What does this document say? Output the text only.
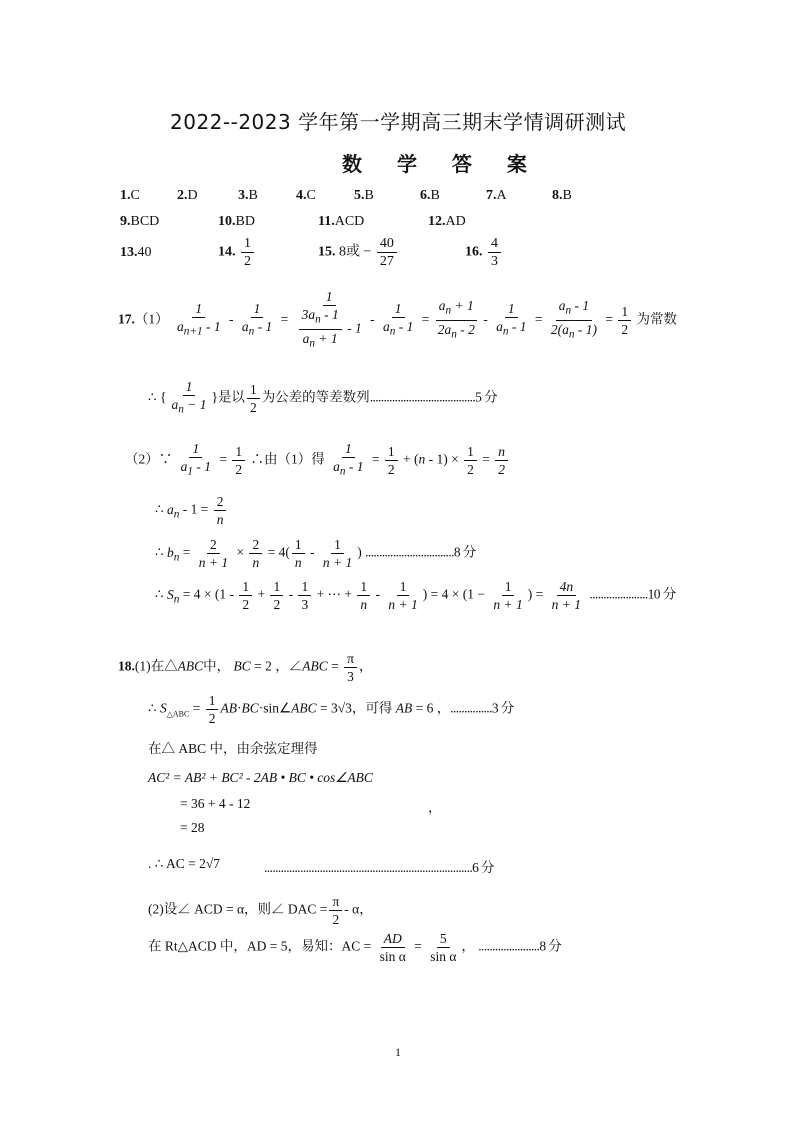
2022--2023 学年第一学期高三期末学情调研测试
数 学 答 案
1.C	2.D	3.B	4.C	5.B	6.B	7.A	8.B
9.BCD	10.BD	11.ACD	12.AD
13.40	14. $\frac{1}{2}$	15. 8或 − $\frac{40}{27}$	16. $\frac{4}{3}$
$17.(1) \frac{1}{a_{n+1} - 1} - \frac{1}{a_n - 1} = \frac{1}{\frac{3a_n - 1}{a_n + 1} - 1} - \frac{1}{a_n - 1} = \frac{a_n + 1}{2a_n - 2} - \frac{1}{a_n - 1} = \frac{a_n - 1}{2(a_n - 1)} = \frac{1}{2}$ 为常数
∴ { $\frac{1}{a_n - 1}$ }是以 $\frac{1}{2}$ 为公差的等差数列......................................5 分
（2）∵ $\frac{1}{a_1 - 1} = \frac{1}{2}$ ∴由（1）得 $\frac{1}{a_n - 1} = \frac{1}{2} + (n - 1) \times \frac{1}{2} = \frac{n}{2}$
∴ $a_n - 1 = \frac{2}{n}$
∴ $b_n = \frac{2}{n + 1} \times \frac{2}{n} = 4( \frac{1}{n} - \frac{1}{n + 1}$ ) ................................8 分
∴ $S_n = 4 \times (1 - \frac{1}{2} + \frac{1}{2} - \frac{1}{3}$ + ⋯ + $\frac{1}{n} - \frac{1}{n + 1}$ ) = $4 \times (1 - \frac{1}{n + 1}$ ) = $\frac{4n}{n + 1} .....................10$ 分
18.(1)在△ABC中， BC = 2 ，∠ABC = $\frac{\pi}{3}$ ，
∴ $S_{\triangle ABC} = \frac{1}{2}$ AB·BC·sin∠ABC = 3√3，可得 AB = 6 ，...............3 分
在△ ABC 中，由余弦定理得
AC² = AB² + BC² - 2AB • BC • cos∠ABC
= 36 + 4 - 12	，
= 28
. ∴ AC = 2√7	...........................................................................6 分
(2)设∠ ACD = α，则∠ DAC = $\frac{\pi}{2}$ - α，
在 Rt△ACD 中，AD = 5，易知：AC = $\frac{AD}{\text{sin α}} = \frac{5}{\text{sin α}}$ ， ......................8 分
1
